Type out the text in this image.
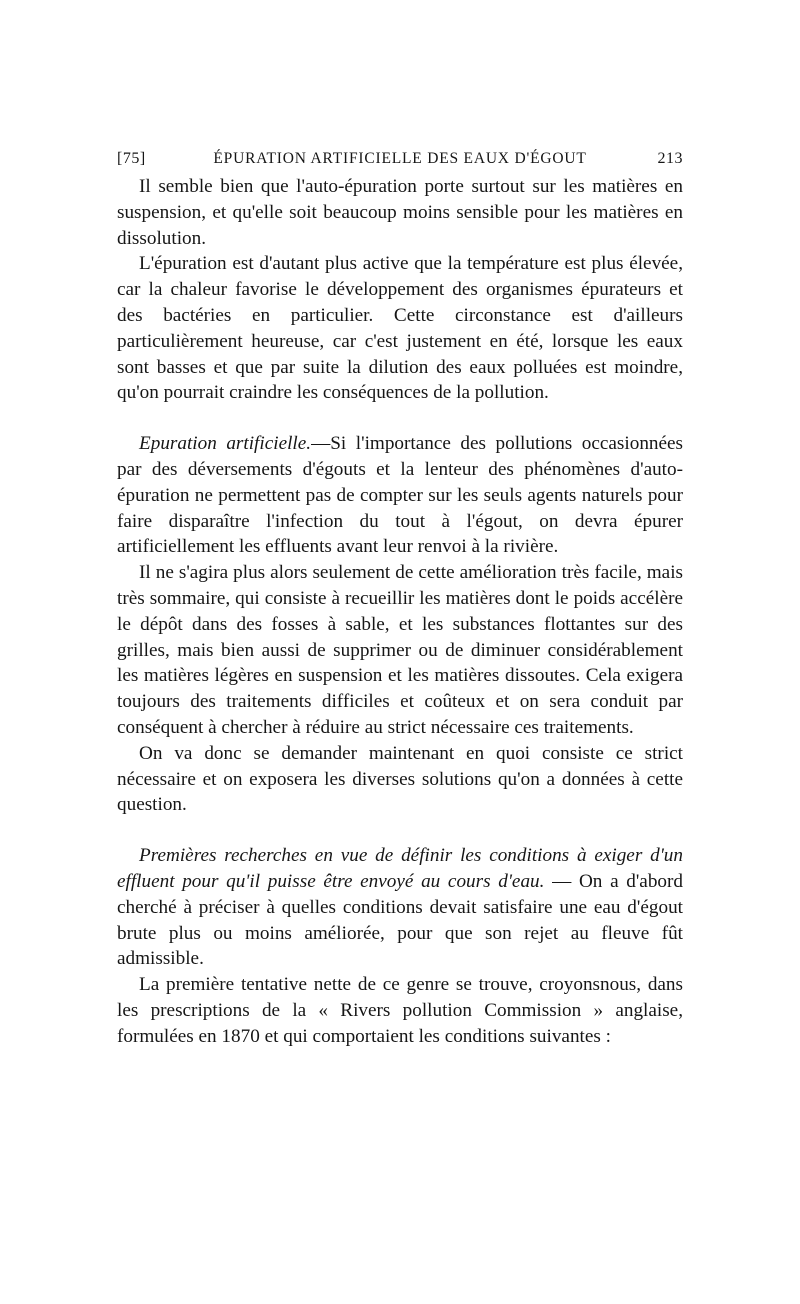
[75]	ÉPURATION ARTIFICIELLE DES EAUX D'ÉGOUT	213

Il semble bien que l'auto-épuration porte surtout sur les matières en suspension, et qu'elle soit beaucoup moins sensible pour les matières en dissolution.

L'épuration est d'autant plus active que la température est plus élevée, car la chaleur favorise le développement des organismes épurateurs et des bactéries en particulier. Cette circonstance est d'ailleurs particulièrement heureuse, car c'est justement en été, lorsque les eaux sont basses et que par suite la dilution des eaux polluées est moindre, qu'on pourrait craindre les conséquences de la pollution.

Epuration artificielle.—Si l'importance des pollutions occasionnées par des déversements d'égouts et la lenteur des phénomènes d'auto-épuration ne permettent pas de compter sur les seuls agents naturels pour faire disparaître l'infection du tout à l'égout, on devra épurer artificiellement les effluents avant leur renvoi à la rivière.

Il ne s'agira plus alors seulement de cette amélioration très facile, mais très sommaire, qui consiste à recueillir les matières dont le poids accélère le dépôt dans des fosses à sable, et les substances flottantes sur des grilles, mais bien aussi de supprimer ou de diminuer considérablement les matières légères en suspension et les matières dissoutes. Cela exigera toujours des traitements difficiles et coûteux et on sera conduit par conséquent à chercher à réduire au strict nécessaire ces traitements.

On va donc se demander maintenant en quoi consiste ce strict nécessaire et on exposera les diverses solutions qu'on a données à cette question.

Premières recherches en vue de définir les conditions à exiger d'un effluent pour qu'il puisse être envoyé au cours d'eau. — On a d'abord cherché à préciser à quelles conditions devait satisfaire une eau d'égout brute plus ou moins améliorée, pour que son rejet au fleuve fût admissible.

La première tentative nette de ce genre se trouve, croyonsnous, dans les prescriptions de la « Rivers pollution Commission » anglaise, formulées en 1870 et qui comportaient les conditions suivantes :
